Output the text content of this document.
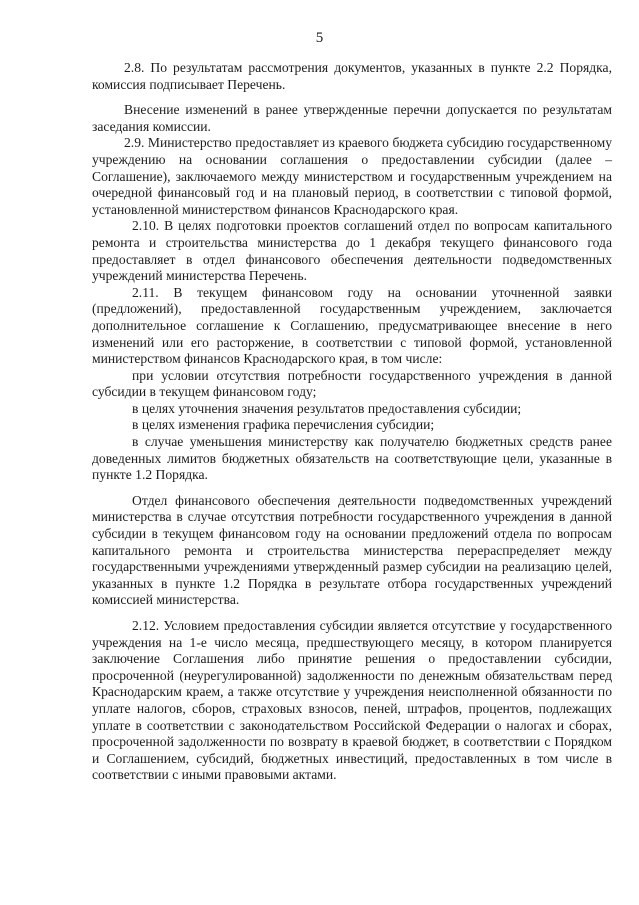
5

2.8. По результатам рассмотрения документов, указанных в пункте 2.2 Порядка, комиссия подписывает Перечень.

Внесение изменений в ранее утвержденные перечни допускается по результатам заседания комиссии.

2.9. Министерство предоставляет из краевого бюджета субсидию государственному учреждению на основании соглашения о предоставлении субсидии (далее – Соглашение), заключаемого между министерством и государственным учреждением на очередной финансовый год и на плановый период, в соответствии с типовой формой, установленной министерством финансов Краснодарского края.

2.10. В целях подготовки проектов соглашений отдел по вопросам капитального ремонта и строительства министерства до 1 декабря текущего финансового года предоставляет в отдел финансового обеспечения деятельности подведомственных учреждений министерства Перечень.

2.11. В текущем финансовом году на основании уточненной заявки (предложений), предоставленной государственным учреждением, заключается дополнительное соглашение к Соглашению, предусматривающее внесение в него изменений или его расторжение, в соответствии с типовой формой, установленной министерством финансов Краснодарского края, в том числе:

при условии отсутствия потребности государственного учреждения в данной субсидии в текущем финансовом году;

в целях уточнения значения результатов предоставления субсидии;

в целях изменения графика перечисления субсидии;

в случае уменьшения министерству как получателю бюджетных средств ранее доведенных лимитов бюджетных обязательств на соответствующие цели, указанные в пункте 1.2 Порядка.

Отдел финансового обеспечения деятельности подведомственных учреждений министерства в случае отсутствия потребности государственного учреждения в данной субсидии в текущем финансовом году на основании предложений отдела по вопросам капитального ремонта и строительства министерства перераспределяет между государственными учреждениями утвержденный размер субсидии на реализацию целей, указанных в пункте 1.2 Порядка в результате отбора государственных учреждений комиссией министерства.

2.12. Условием предоставления субсидии является отсутствие у государственного учреждения на 1-е число месяца, предшествующего месяцу, в котором планируется заключение Соглашения либо принятие решения о предоставлении субсидии, просроченной (неурегулированной) задолженности по денежным обязательствам перед Краснодарским краем, а также отсутствие у учреждения неисполненной обязанности по уплате налогов, сборов, страховых взносов, пеней, штрафов, процентов, подлежащих уплате в соответствии с законодательством Российской Федерации о налогах и сборах, просроченной задолженности по возврату в краевой бюджет, в соответствии с Порядком и Соглашением, субсидий, бюджетных инвестиций, предоставленных в том числе в соответствии с иными правовыми актами.
